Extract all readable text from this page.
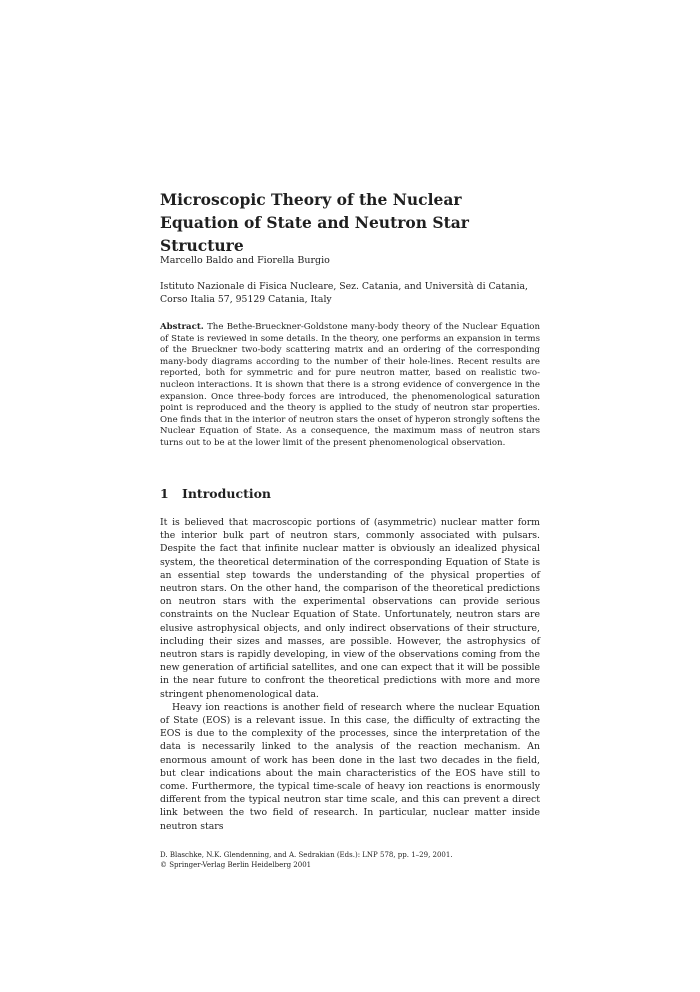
Microscopic Theory of the Nuclear Equation of State and Neutron Star Structure
Marcello Baldo and Fiorella Burgio
Istituto Nazionale di Fisica Nucleare, Sez. Catania, and Università di Catania, Corso Italia 57, 95129 Catania, Italy
Abstract. The Bethe-Brueckner-Goldstone many-body theory of the Nuclear Equation of State is reviewed in some details. In the theory, one performs an expansion in terms of the Brueckner two-body scattering matrix and an ordering of the corresponding many-body diagrams according to the number of their hole-lines. Recent results are reported, both for symmetric and for pure neutron matter, based on realistic two-nucleon interactions. It is shown that there is a strong evidence of convergence in the expansion. Once three-body forces are introduced, the phenomenological saturation point is reproduced and the theory is applied to the study of neutron star properties. One finds that in the interior of neutron stars the onset of hyperon strongly softens the Nuclear Equation of State. As a consequence, the maximum mass of neutron stars turns out to be at the lower limit of the present phenomenological observation.
1 Introduction

It is believed that macroscopic portions of (asymmetric) nuclear matter form the interior bulk part of neutron stars, commonly associated with pulsars. Despite the fact that infinite nuclear matter is obviously an idealized physical system, the theoretical determination of the corresponding Equation of State is an essential step towards the understanding of the physical properties of neutron stars. On the other hand, the comparison of the theoretical predictions on neutron stars with the experimental observations can provide serious constraints on the Nuclear Equation of State. Unfortunately, neutron stars are elusive astrophysical objects, and only indirect observations of their structure, including their sizes and masses, are possible. However, the astrophysics of neutron stars is rapidly developing, in view of the observations coming from the new generation of artificial satellites, and one can expect that it will be possible in the near future to confront the theoretical predictions with more and more stringent phenomenological data.

Heavy ion reactions is another field of research where the nuclear Equation of State (EOS) is a relevant issue. In this case, the difficulty of extracting the EOS is due to the complexity of the processes, since the interpretation of the data is necessarily linked to the analysis of the reaction mechanism. An enormous amount of work has been done in the last two decades in the field, but clear indications about the main characteristics of the EOS have still to come. Furthermore, the typical time-scale of heavy ion reactions is enormously different from the typical neutron star time scale, and this can prevent a direct link between the two field of research. In particular, nuclear matter inside neutron stars

D. Blaschke, N.K. Glendenning, and A. Sedrakian (Eds.): LNP 578, pp. 1–29, 2001.
© Springer-Verlag Berlin Heidelberg 2001
